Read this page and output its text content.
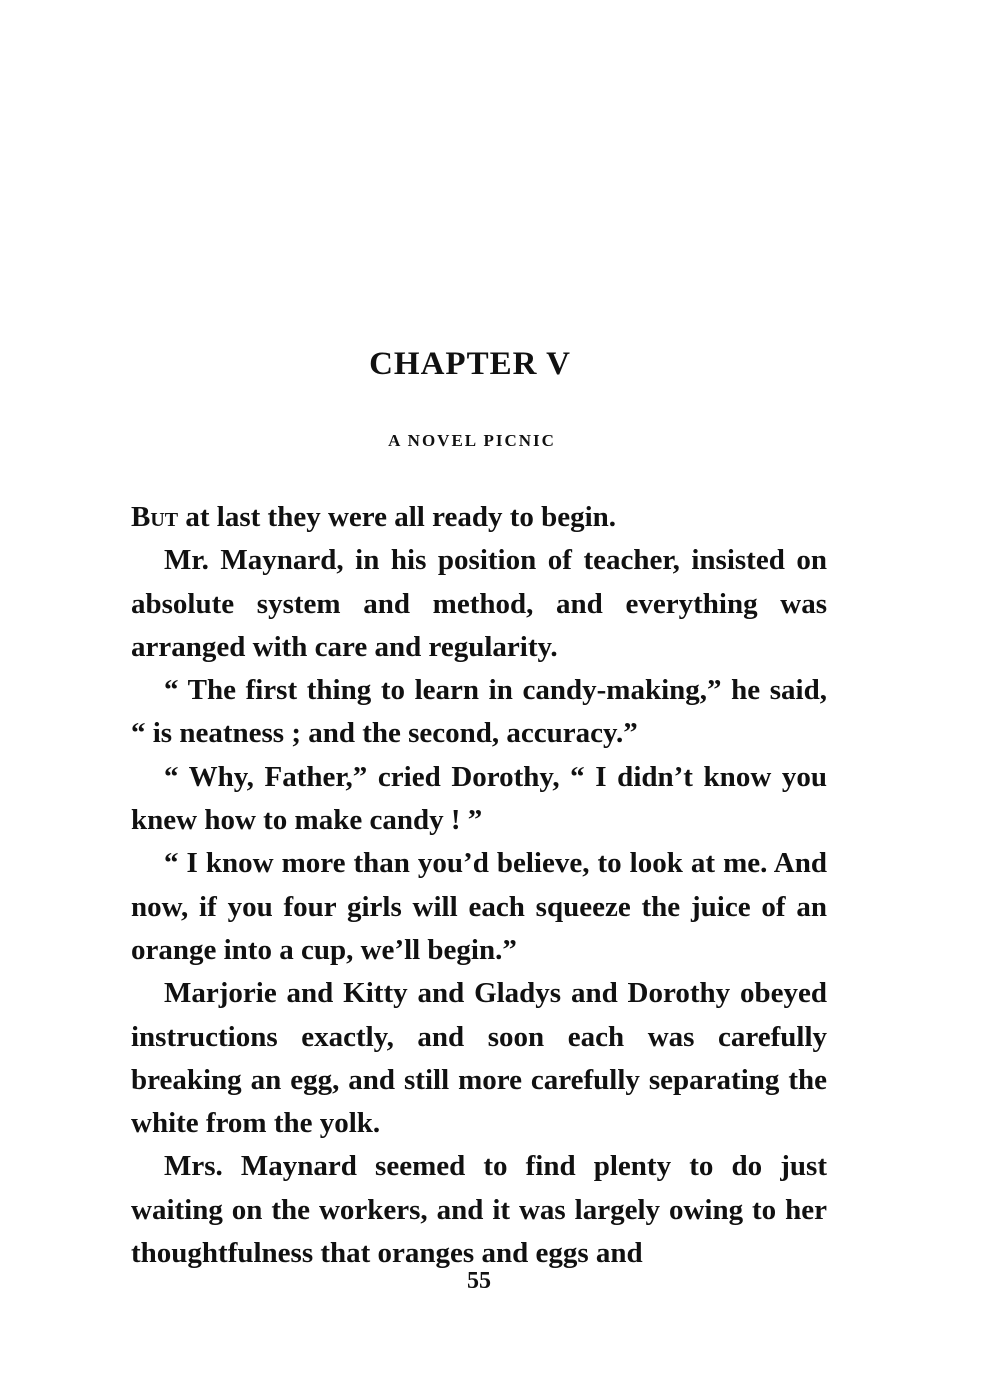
CHAPTER V
A NOVEL PICNIC

But at last they were all ready to begin.

Mr. Maynard, in his position of teacher, insisted on absolute system and method, and everything was arranged with care and regularity.

“ The first thing to learn in candy-making,” he said, “ is neatness ; and the second, accuracy.”

“ Why, Father,” cried Dorothy, “ I didn’t know you knew how to make candy ! ”

“ I know more than you’d believe, to look at me. And now, if you four girls will each squeeze the juice of an orange into a cup, we’ll begin.”

Marjorie and Kitty and Gladys and Dorothy obeyed instructions exactly, and soon each was carefully breaking an egg, and still more carefully separating the white from the yolk.

Mrs. Maynard seemed to find plenty to do just waiting on the workers, and it was largely owing to her thoughtfulness that oranges and eggs and

55
